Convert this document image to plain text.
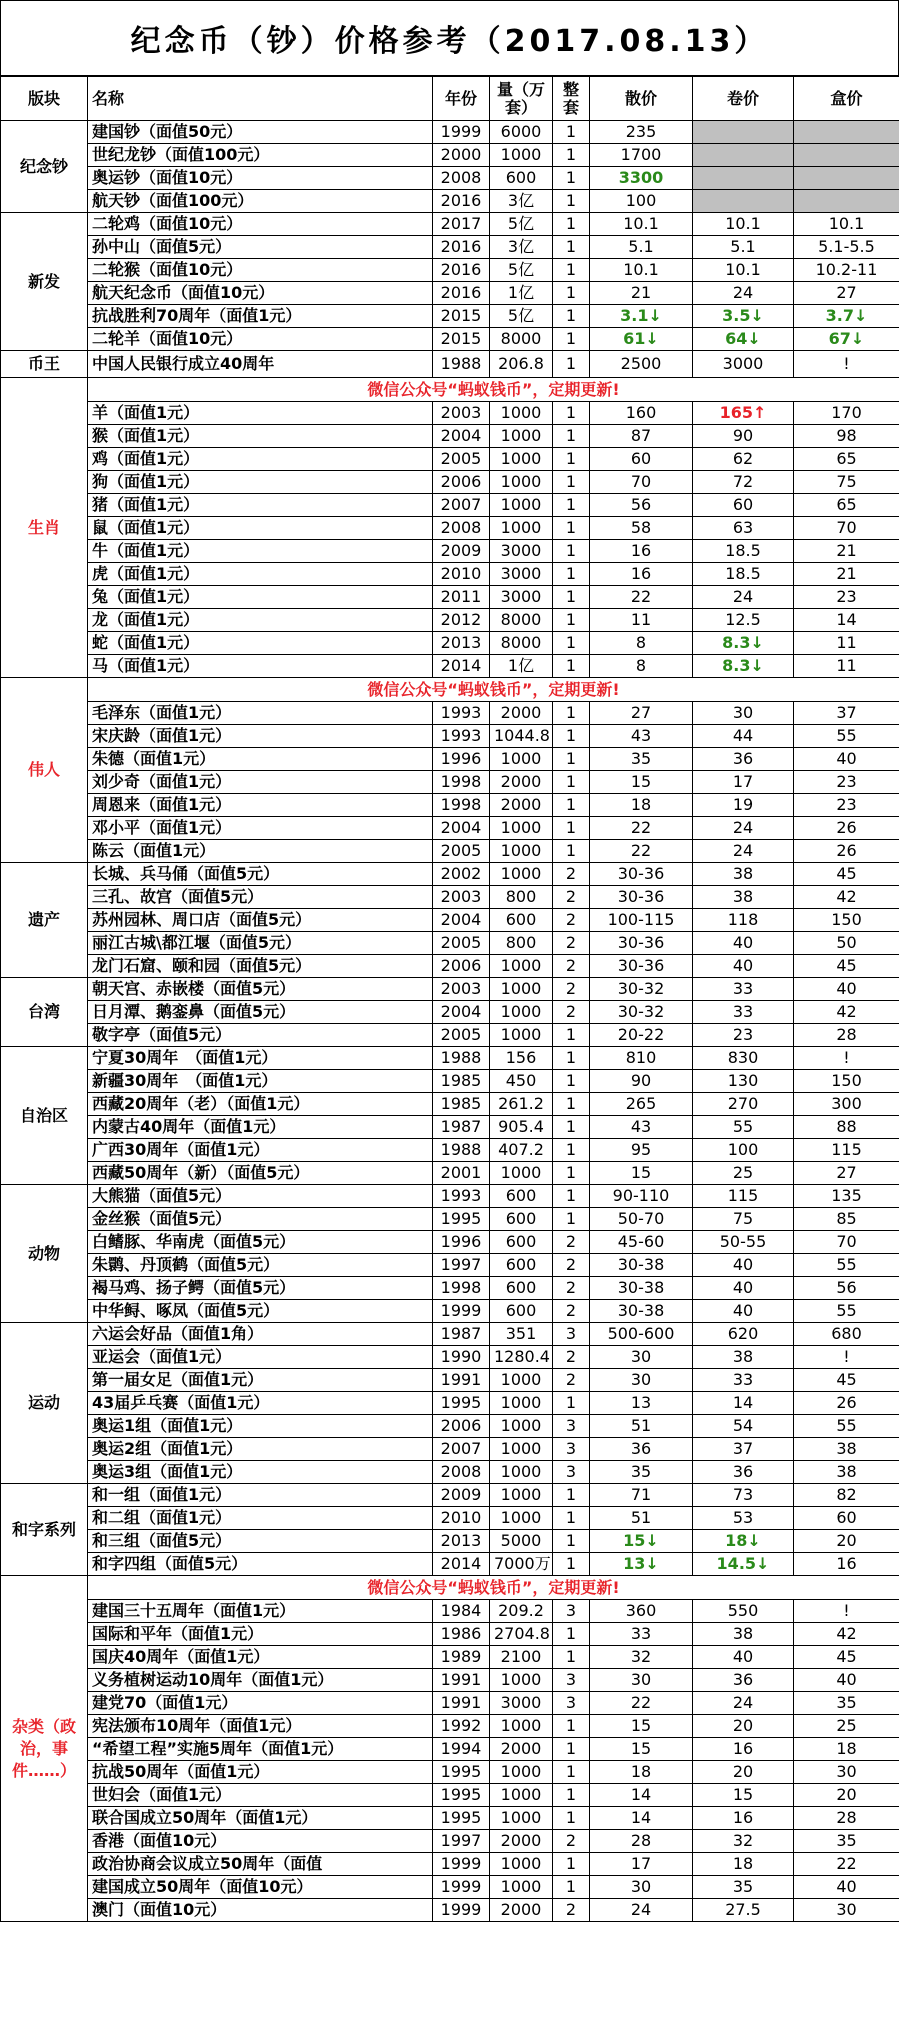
纪念币（钞）价格参考（2017.08.13）
版块	名称	年份	量（万套）	整套	散价	卷价	盒价
纪念钞	建国钞（面值50元）	1999	6000	1	235		
	世纪龙钞（面值100元）	2000	1000	1	1700		
	奥运钞（面值10元）	2008	600	1	3300		
	航天钞（面值100元）	2016	3亿	1	100		
新发	二轮鸡（面值10元）	2017	5亿	1	10.1	10.1	10.1
	孙中山（面值5元）	2016	3亿	1	5.1	5.1	5.1-5.5
	二轮猴（面值10元）	2016	5亿	1	10.1	10.1	10.2-11
	航天纪念币（面值10元）	2016	1亿	1	21	24	27
	抗战胜利70周年（面值1元）	2015	5亿	1	3.1↓	3.5↓	3.7↓
	二轮羊（面值10元）	2015	8000	1	61↓	64↓	67↓
币王	中国人民银行成立40周年	1988	206.8	1	2500	3000	!
生肖	微信公众号“蚂蚁钱币”，定期更新!						
	羊（面值1元）	2003	1000	1	160	165↑	170
	猴（面值1元）	2004	1000	1	87	90	98
	鸡（面值1元）	2005	1000	1	60	62	65
	狗（面值1元）	2006	1000	1	70	72	75
	猪（面值1元）	2007	1000	1	56	60	65
	鼠（面值1元）	2008	1000	1	58	63	70
	牛（面值1元）	2009	3000	1	16	18.5	21
	虎（面值1元）	2010	3000	1	16	18.5	21
	兔（面值1元）	2011	3000	1	22	24	23
	龙（面值1元）	2012	8000	1	11	12.5	14
	蛇（面值1元）	2013	8000	1	8	8.3↓	11
	马（面值1元）	2014	1亿	1	8	8.3↓	11
伟人	微信公众号“蚂蚁钱币”，定期更新!						
	毛泽东（面值1元）	1993	2000	1	27	30	37
	宋庆龄（面值1元）	1993	1044.8	1	43	44	55
	朱德（面值1元）	1996	1000	1	35	36	40
	刘少奇（面值1元）	1998	2000	1	15	17	23
	周恩来（面值1元）	1998	2000	1	18	19	23
	邓小平（面值1元）	2004	1000	1	22	24	26
	陈云（面值1元）	2005	1000	1	22	24	26
遗产	长城、兵马俑（面值5元）	2002	1000	2	30-36	38	45
	三孔、故宫（面值5元）	2003	800	2	30-36	38	42
	苏州园林、周口店（面值5元）	2004	600	2	100-115	118	150
	丽江古城\都江堰（面值5元）	2005	800	2	30-36	40	50
	龙门石窟、颐和园（面值5元）	2006	1000	2	30-36	40	45
台湾	朝天宫、赤嵌楼（面值5元）	2003	1000	2	30-32	33	40
	日月潭、鹅銮鼻（面值5元）	2004	1000	2	30-32	33	42
	敬字亭（面值5元）	2005	1000	1	20-22	23	28
自治区	宁夏30周年　（面值1元）	1988	156	1	810	830	!
	新疆30周年　（面值1元）	1985	450	1	90	130	150
	西藏20周年（老）（面值1元）	1985	261.2	1	265	270	300
	内蒙古40周年（面值1元）	1987	905.4	1	43	55	88
	广西30周年（面值1元）	1988	407.2	1	95	100	115
	西藏50周年（新）（面值5元）	2001	1000	1	15	25	27
动物	大熊猫（面值5元）	1993	600	1	90-110	115	135
	金丝猴（面值5元）	1995	600	1	50-70	75	85
	白鳍豚、华南虎（面值5元）	1996	600	2	45-60	50-55	70
	朱鹮、丹顶鹤（面值5元）	1997	600	2	30-38	40	55
	褐马鸡、扬子鳄（面值5元）	1998	600	2	30-38	40	56
	中华鲟、啄凤（面值5元）	1999	600	2	30-38	40	55
运动	六运会好品（面值1角）	1987	351	3	500-600	620	680
	亚运会（面值1元）	1990	1280.4	2	30	38	!
	第一届女足（面值1元）	1991	1000	2	30	33	45
	43届乒乓赛（面值1元）	1995	1000	1	13	14	26
	奥运1组（面值1元）	2006	1000	3	51	54	55
	奥运2组（面值1元）	2007	1000	3	36	37	38
	奥运3组（面值1元）	2008	1000	3	35	36	38
和字系列	和一组（面值1元）	2009	1000	1	71	73	82
	和二组（面值1元）	2010	1000	1	51	53	60
	和三组（面值5元）	2013	5000	1	15↓	18↓	20
	和字四组（面值5元）	2014	7000万	1	13↓	14.5↓	16
杂类（政治，事件……）	微信公众号“蚂蚁钱币”，定期更新!						
	建国三十五周年（面值1元）	1984	209.2	3	360	550	!
	国际和平年（面值1元）	1986	2704.8	1	33	38	42
	国庆40周年（面值1元）	1989	2100	1	32	40	45
	义务植树运动10周年（面值1元）	1991	1000	3	30	36	40
	建党70（面值1元）	1991	3000	3	22	24	35
	宪法颁布10周年（面值1元）	1992	1000	1	15	20	25
	“希望工程”实施5周年（面值1元）	1994	2000	1	15	16	18
	抗战50周年（面值1元）	1995	1000	1	18	20	30
	世妇会（面值1元）	1995	1000	1	14	15	20
	联合国成立50周年（面值1元）	1995	1000	1	14	16	28
	香港（面值10元）	1997	2000	2	28	32	35
	政治协商会议成立50周年（面值	1999	1000	1	17	18	22
	建国成立50周年（面值10元）	1999	1000	1	30	35	40
	澳门（面值10元）	1999	2000	2	24	27.5	30
